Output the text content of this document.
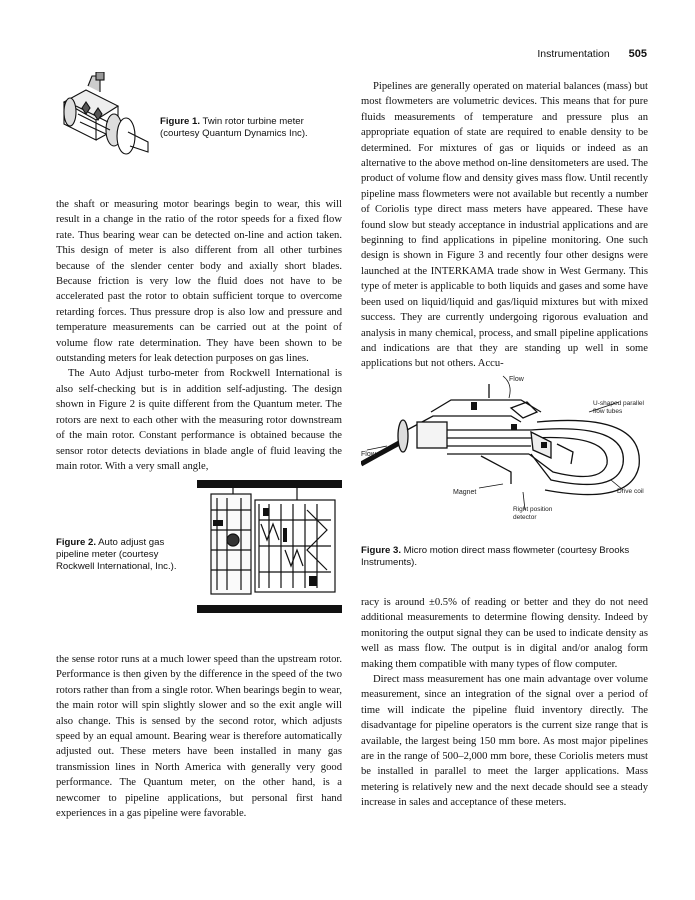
Instrumentation 505
Figure 1. Twin rotor turbine meter (courtesy Quantum Dynamics Inc).

the shaft or measuring motor bearings begin to wear, this will result in a change in the ratio of the rotor speeds for a fixed flow rate. Thus bearing wear can be detected on-line and action taken. This design of meter is also different from all other turbines because of the slender center body and axially short blades. Because friction is very low the fluid does not have to be accelerated past the rotor to obtain sufficient torque to overcome retarding forces. Thus pressure drop is also low and pressure and temperature measurements can be carried out at the point of volume flow rate determination. They have been shown to be outstanding meters for leak detection purposes on gas lines.

The Auto Adjust turbo-meter from Rockwell International is also self-checking but is in addition self-adjusting. The design shown in Figure 2 is quite different from the Quantum meter. The rotors are next to each other with the measuring rotor downstream of the main rotor. Constant performance is obtained because the sensor rotor detects deviations in blade angle of fluid leaving the main rotor. With a very small angle,

Figure 2. Auto adjust gas pipeline meter (courtesy Rockwell International, Inc.).

the sense rotor runs at a much lower speed than the upstream rotor. Performance is then given by the difference in the speed of the two rotors rather than from a single rotor. When bearings begin to wear, the main rotor will spin slightly slower and so the exit angle will also change. This is sensed by the second rotor, which adjusts speed by an equal amount. Bearing wear is therefore automatically adjusted out. These meters have been installed in many gas transmission lines in North America with generally very good performance. The Quantum meter, on the other hand, is a newcomer to pipeline applications, but personal first hand experiences in a gas pipeline were favorable.

Pipelines are generally operated on material balances (mass) but most flowmeters are volumetric devices. This means that for pure fluids measurements of temperature and pressure plus an appropriate equation of state are required to enable density to be determined. For mixtures of gas or liquids or indeed as an alternative to the above method on-line densitometers are used. The product of volume flow and density gives mass flow. Until recently pipeline mass flowmeters were not available but recently a number of Coriolis type direct mass meters have appeared. These have found slow but steady acceptance in industrial applications and are beginning to find applications in pipeline monitoring. One such design is shown in Figure 3 and recently four other designs were launched at the INTERKAMA trade show in West Germany. This type of meter is applicable to both liquids and gases and some have been used on liquid/liquid and gas/liquid mixtures but with mixed success. They are currently undergoing rigorous evaluation and analysis in many chemical, process, and small pipeline applications and indications are that they are standing up well in some applications but not others. Accu-

Flow
Flow
Magnet
U-shaped parallel flow tubes
Drive coil
Right position detector
Figure 3. Micro motion direct mass flowmeter (courtesy Brooks Instruments).

racy is around ±0.5% of reading or better and they do not need additional measurements to determine flowing density. Indeed by monitoring the output signal they can be used to indicate density as well as mass flow. The output is in digital and/or analog form making them compatible with many types of flow computer.

Direct mass measurement has one main advantage over volume measurement, since an integration of the signal over a period of time will indicate the pipeline fluid inventory directly. The disadvantage for pipeline operators is the current size range that is available, the largest being 150 mm bore. As most major pipelines are in the range of 500–2,000 mm bore, these Coriolis meters must be installed in parallel to meet the larger applications. Mass metering is relatively new and the next decade should see a steady increase in sales and acceptance of these meters.
